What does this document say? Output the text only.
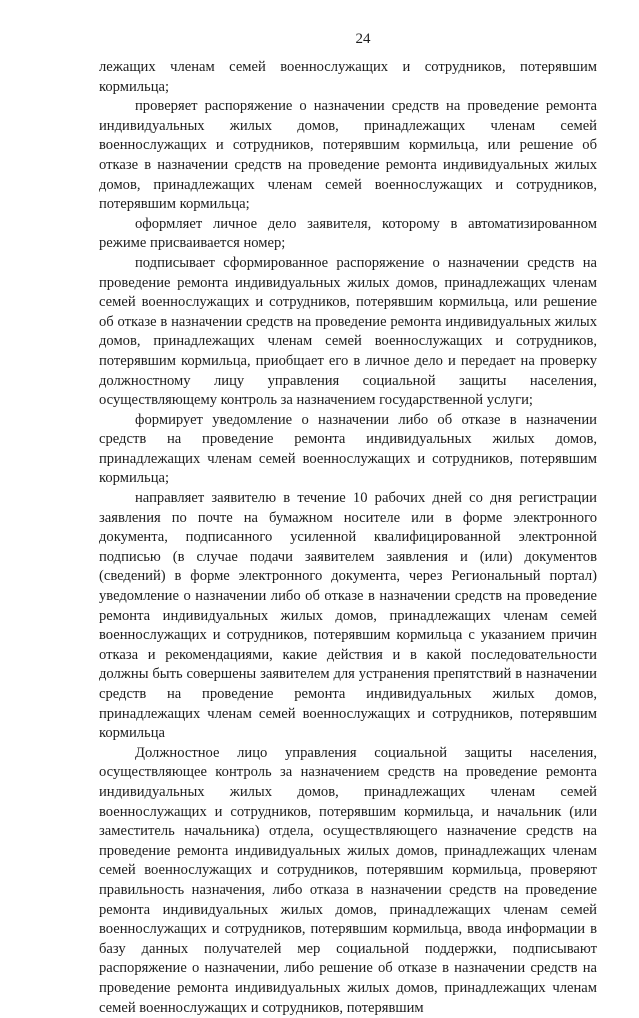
24

лежащих членам семей военнослужащих и сотрудников, потерявшим кормильца;

проверяет распоряжение о назначении средств на проведение ремонта индивидуальных жилых домов, принадлежащих членам семей военнослужащих и сотрудников, потерявшим кормильца, или решение об отказе в назначении средств на проведение ремонта индивидуальных жилых домов, принадлежащих членам семей военнослужащих и сотрудников, потерявшим кормильца;

оформляет личное дело заявителя, которому в автоматизированном режиме присваивается номер;

подписывает сформированное распоряжение о назначении средств на проведение ремонта индивидуальных жилых домов, принадлежащих членам семей военнослужащих и сотрудников, потерявшим кормильца, или решение об отказе в назначении средств на проведение ремонта индивидуальных жилых домов, принадлежащих членам семей военнослужащих и сотрудников, потерявшим кормильца, приобщает его в личное дело и передает на проверку должностному лицу управления социальной защиты населения, осуществляющему контроль за назначением государственной услуги;

формирует уведомление о назначении либо об отказе в назначении средств на проведение ремонта индивидуальных жилых домов, принадлежащих членам семей военнослужащих и сотрудников, потерявшим кормильца;

направляет заявителю в течение 10 рабочих дней со дня регистрации заявления по почте на бумажном носителе или в форме электронного документа, подписанного усиленной квалифицированной электронной подписью (в случае подачи заявителем заявления и (или) документов (сведений) в форме электронного документа, через Региональный портал) уведомление о назначении либо об отказе в назначении средств на проведение ремонта индивидуальных жилых домов, принадлежащих членам семей военнослужащих и сотрудников, потерявшим кормильца с указанием причин отказа и рекомендациями, какие действия и в какой последовательности должны быть совершены заявителем для устранения препятствий в назначении средств на проведение ремонта индивидуальных жилых домов, принадлежащих членам семей военнослужащих и сотрудников, потерявшим кормильца

Должностное лицо управления социальной защиты населения, осуществляющее контроль за назначением средств на проведение ремонта индивидуальных жилых домов, принадлежащих членам семей военнослужащих и сотрудников, потерявшим кормильца, и начальник (или заместитель начальника) отдела, осуществляющего назначение средств на проведение ремонта индивидуальных жилых домов, принадлежащих членам семей военнослужащих и сотрудников, потерявшим кормильца, проверяют правильность назначения, либо отказа в назначении средств на проведение ремонта индивидуальных жилых домов, принадлежащих членам семей военнослужащих и сотрудников, потерявшим кормильца, ввода информации в базу данных получателей мер социальной поддержки, подписывают распоряжение о назначении, либо решение об отказе в назначении средств на проведение ремонта индивидуальных жилых домов, принадлежащих членам семей военнослужащих и сотрудников, потерявшим
